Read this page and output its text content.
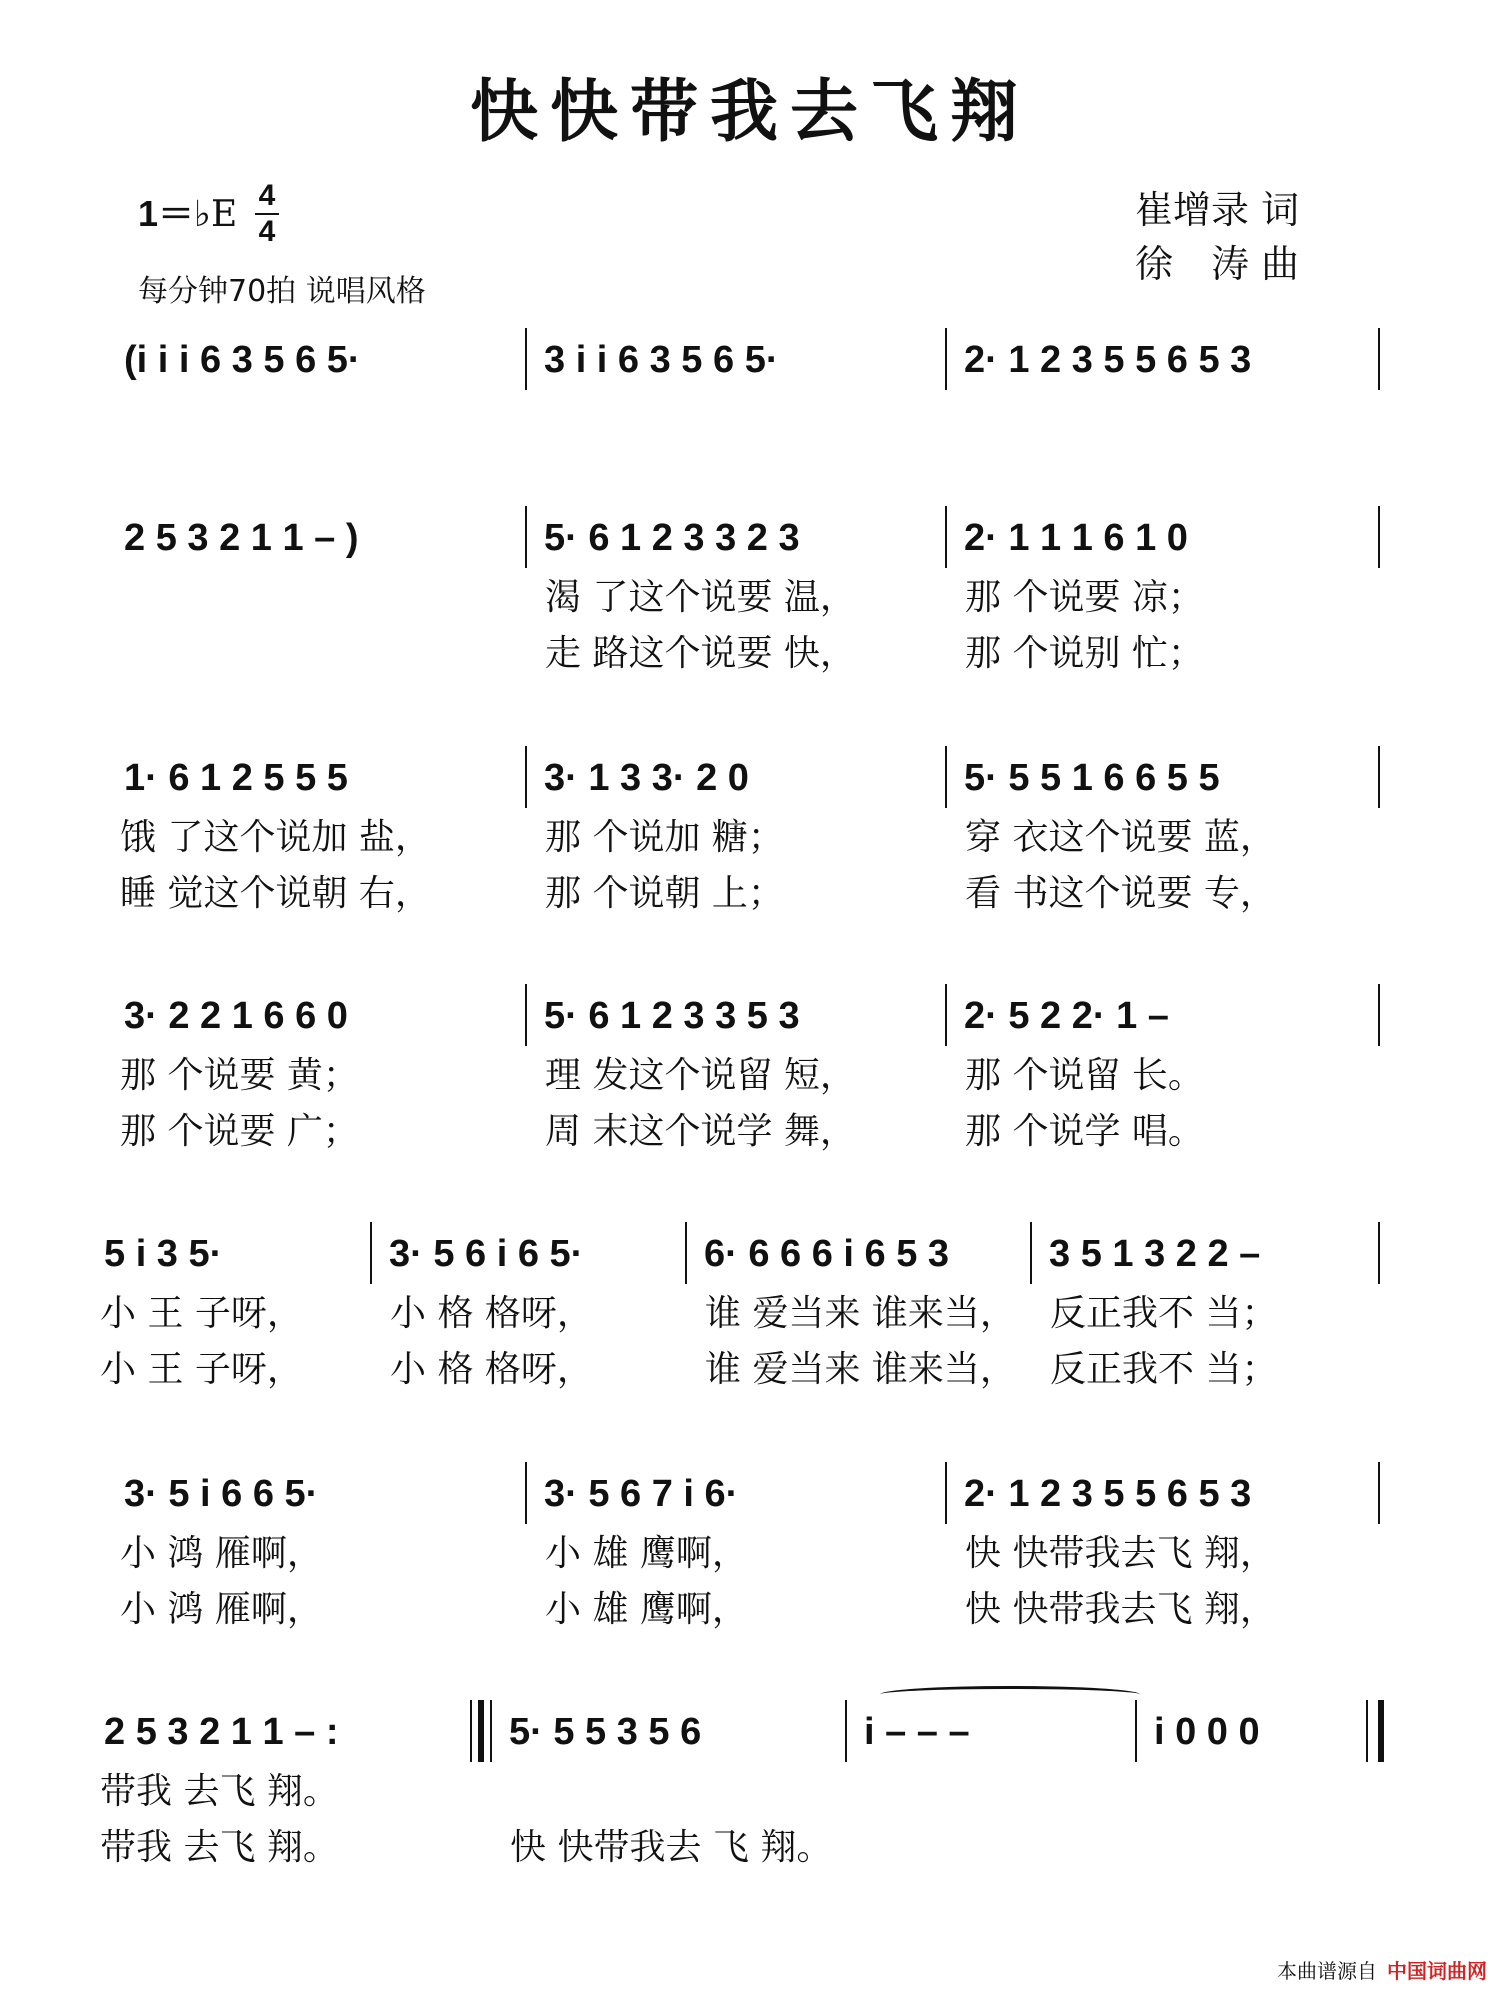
快快带我去飞翔
1＝♭E 4
4
每分钟70拍 说唱风格
崔增录 词
徐　涛 曲
(i i i 6 3 5 6 5·	3 i i 6 3 5 6 5·	2· 1 2 3 5 5 6 5 3
2 5 3 2 1 1 – )	5· 6 1 2 3 3 2 3	2· 1 1 1 6 1 0
渴 了这个说要 温，	那 个说要 凉；
走 路这个说要 快，	那 个说别 忙；
1· 6 1 2 5 5 5	3· 1 3 3· 2 0	5· 5 5 1 6 6 5 5
饿 了这个说加 盐，	那 个说加 糖；	穿 衣这个说要 蓝，
睡 觉这个说朝 右，	那 个说朝 上；	看 书这个说要 专，
3· 2 2 1 6 6 0	5· 6 1 2 3 3 5 3	2· 5 2 2· 1 –
那 个说要 黄；	理 发这个说留 短，	那 个说留 长。
那 个说要 广；	周 末这个说学 舞，	那 个说学 唱。
5 i 3 5·	3· 5 6 i 6 5·	6· 6 6 6 i 6 5 3	3 5 1 3 2 2 –
小 王 子呀， 小 格 格呀，	谁 爱当来 谁来当， 反正我不 当；
小 王 子呀， 小 格 格呀，	谁 爱当来 谁来当， 反正我不 当；
3· 5 i 6 6 5·	3· 5 6 7 i 6·	2· 1 2 3 5 5 6 5 3
小 鸿 雁啊，	小 雄 鹰啊，	快 快带我去飞 翔，
小 鸿 雁啊，	小 雄 鹰啊，	快 快带我去飞 翔，
2 5 3 2 1 1 – :	5· 5 5 3 5 6	i – – –	i 0 0 0
带我 去飞 翔。
带我 去飞 翔。	快 快带我去 飞 翔。
本曲谱源自 中国词曲网
